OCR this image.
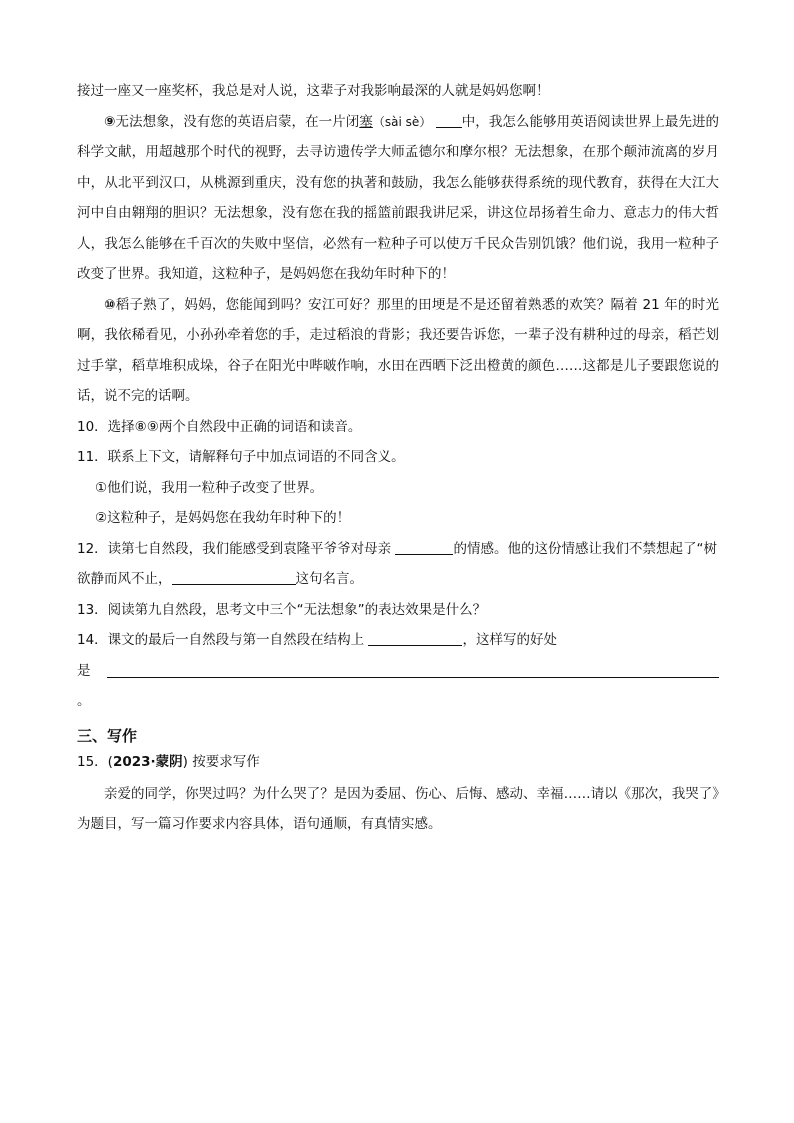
接过一座又一座奖杯，我总是对人说，这辈子对我影响最深的人就是妈妈您啊！

⑨无法想象，没有您的英语启蒙，在一片闭塞（sài sè） 中，我怎么能够用英语阅读世界上最先进的科学文献，用超越那个时代的视野，去寻访遗传学大师孟德尔和摩尔根？无法想象，在那个颠沛流离的岁月中，从北平到汉口，从桃源到重庆，没有您的执著和鼓励，我怎么能够获得系统的现代教育，获得在大江大河中自由翱翔的胆识？无法想象，没有您在我的摇篮前跟我讲尼采，讲这位昂扬着生命力、意志力的伟大哲人，我怎么能够在千百次的失败中坚信，必然有一粒种子可以使万千民众告别饥饿？他们说，我用一粒种子改变了世界。我知道，这粒种子，是妈妈您在我幼年时种下的！

⑩稻子熟了，妈妈，您能闻到吗？安江可好？那里的田埂是不是还留着熟悉的欢笑？隔着 21 年的时光啊，我依稀看见，小孙孙牵着您的手，走过稻浪的背影；我还要告诉您，一辈子没有耕种过的母亲，稻芒划过手掌，稻草堆积成垛，谷子在阳光中哔啵作响，水田在西晒下泛出橙黄的颜色……这都是儿子要跟您说的话，说不完的话啊。

10．选择⑧⑨两个自然段中正确的词语和读音。

11．联系上下文，请解释句子中加点词语的不同含义。

①他们说，我用一粒种子改变了世界。

②这粒种子，是妈妈您在我幼年时种下的！

12．读第七自然段，我们能感受到袁隆平爷爷对母亲	的情感。他的这份情感让我们不禁想起了“树欲静而风不止，	这句名言。

13．阅读第九自然段，思考文中三个“无法想象”的表达效果是什么？

14．课文的最后一自然段与第一自然段在结构上	，这样写的好处

是

。

三、写作

15．(2023·蒙阴) 按要求写作

亲爱的同学，你哭过吗？为什么哭了？是因为委屈、伤心、后悔、感动、幸福……请以《那次，我哭了》为题目，写一篇习作要求内容具体，语句通顺，有真情实感。
